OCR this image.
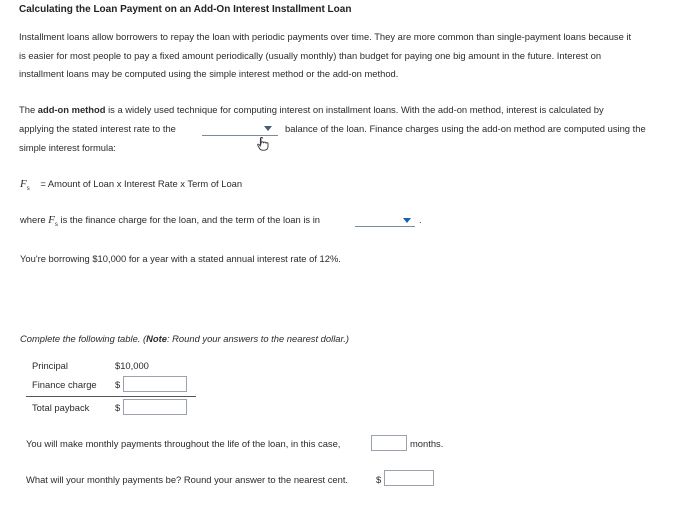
Calculating the Loan Payment on an Add-On Interest Installment Loan
Installment loans allow borrowers to repay the loan with periodic payments over time. They are more common than single-payment loans because it
is easier for most people to pay a fixed amount periodically (usually monthly) than budget for paying one big amount in the future. Interest on
installment loans may be computed using the simple interest method or the add-on method.
The add-on method is a widely used technique for computing interest on installment loans. With the add-on method, interest is calculated by
applying the stated interest rate to the	balance of the loan. Finance charges using the add-on method are computed using the
simple interest formula:
$F_s$ = Amount of Loan x Interest Rate x Term of Loan
where $F_s$ is the finance charge for the loan, and the term of the loan is in	.
You're borrowing $10,000 for a year with a stated annual interest rate of 12%.
Complete the following table. (Note: Round your answers to the nearest dollar.)
Principal	$10,000
Finance charge $
Total payback	$
You will make monthly payments throughout the life of the loan, in this case,	months.
What will your monthly payments be? Round your answer to the nearest cent.	$
